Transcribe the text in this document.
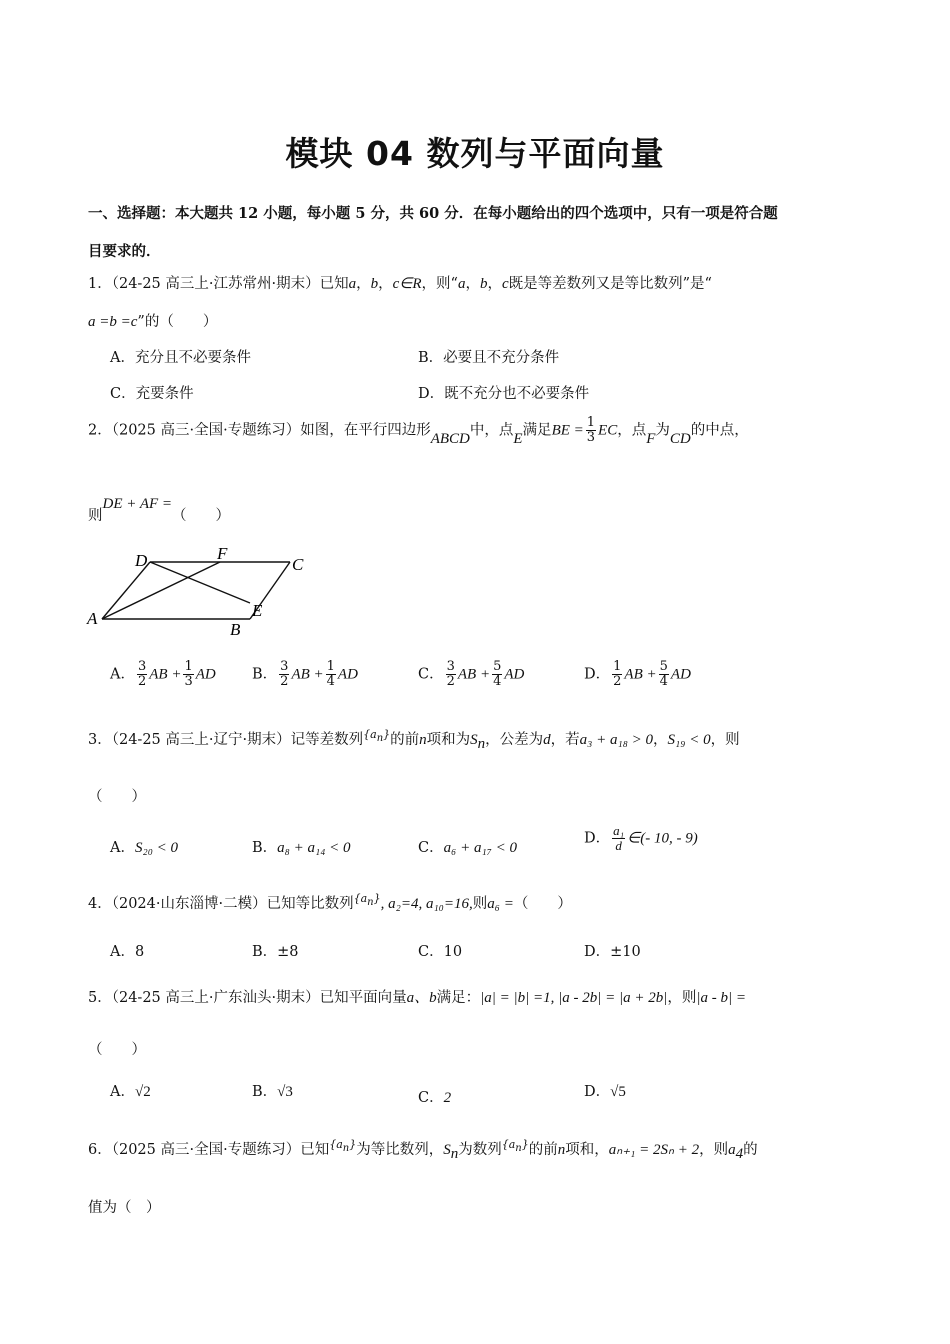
模块 04 数列与平面向量
一、选择题：本大题共 12 小题，每小题 5 分，共 60 分．在每小题给出的四个选项中，只有一项是符合题
目要求的．
1．（24-25 高三上·江苏常州·期末）已知a，b，c∈R，则“a，b，c既是等差数列又是等比数列”是“
a =b =c”的（　　）
A．充分且不必要条件	B．必要且不充分条件
C．充要条件	D．既不充分也不必要条件
2．（2025 高三·全国·专题练习）如图，在平行四边形ABCD中，点E满足BE = $\frac{1}{3}$ EC，点F为CD的中点，
则DE + AF =（　　）
A
B
C
D
E
F
A． $\frac{3}{2}$ AB + $\frac{1}{3}$ AD	B． $\frac{3}{2}$ AB + $\frac{1}{4}$ AD	C． $\frac{3}{2}$ AB + $\frac{5}{4}$ AD	D． $\frac{1}{2}$ AB + $\frac{5}{4}$ AD
3．（24-25 高三上·辽宁·期末）记等差数列$^{\{a_n\}}$的前n项和为$S_n$，公差为d，若a₃ + a₁₈ > 0，S₁₉ < 0，则
（　　）
A．S₂₀ < 0	B．a₈ + a₁₄ < 0	C．a₆ + a₁₇ < 0
D． $\frac{\text{a₁}}{d}$ ∈(- 10, - 9)
4．（2024·山东淄博·二模）已知等比数列$^{\{a_n\}}$, a₂=4, a₁₀=16,则a₆ =（　　）
A．8	B．±8	C．10	D．±10
5．（24-25 高三上·广东汕头·期末）已知平面向量a、b满足：|a| = |b| =1, |a - 2b| = |a + 2b|，则|a - b| =
（　　）
A．√2	B．√3	C．2	D．√5
6．（2025 高三·全国·专题练习）已知$^{\{a_n\}}$为等比数列，$S_n$为数列$^{\{a_n\}}$的前n项和，aₙ₊₁ = 2Sₙ + 2，则$a_4$的
值为（　）
